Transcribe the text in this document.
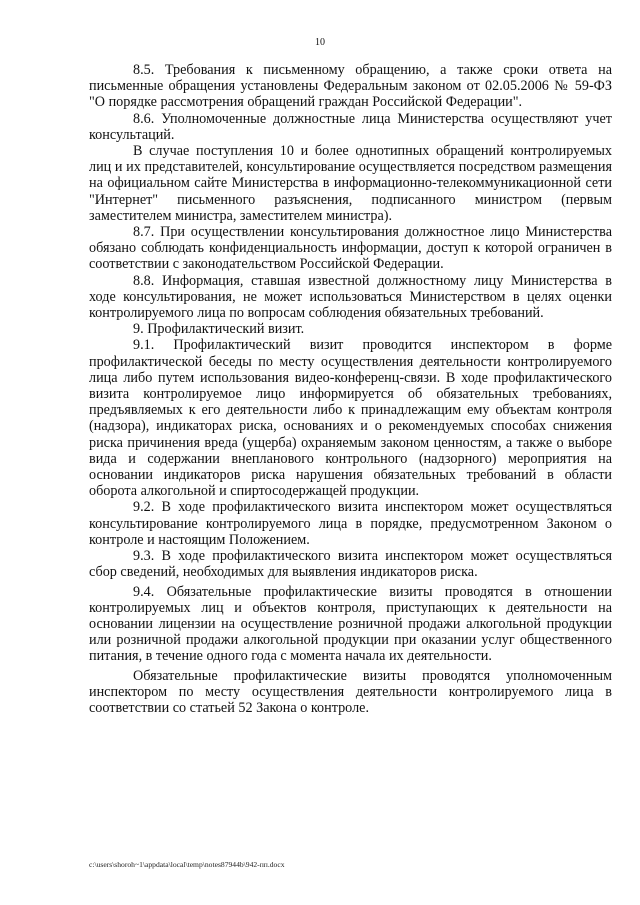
10

8.5. Требования к письменному обращению, а также сроки ответа на письменные обращения установлены Федеральным законом от 02.05.2006 № 59-ФЗ "О порядке рассмотрения обращений граждан Российской Федерации".

8.6. Уполномоченные должностные лица Министерства осуществляют учет консультаций.

В случае поступления 10 и более однотипных обращений контролируемых лиц и их представителей, консультирование осуществляется посредством размещения на официальном сайте Министерства в информационно-телекоммуникационной сети "Интернет" письменного разъяснения, подписанного министром (первым заместителем министра, заместителем министра).

8.7. При осуществлении консультирования должностное лицо Министерства обязано соблюдать конфиденциальность информации, доступ к которой ограничен в соответствии с законодательством Российской Федерации.

8.8. Информация, ставшая известной должностному лицу Министерства в ходе консультирования, не может использоваться Министерством в целях оценки контролируемого лица по вопросам соблюдения обязательных требований.

9. Профилактический визит.

9.1. Профилактический визит проводится инспектором в форме профилактической беседы по месту осуществления деятельности контролируемого лица либо путем использования видео-конференц-связи. В ходе профилактического визита контролируемое лицо информируется об обязательных требованиях, предъявляемых к его деятельности либо к принадлежащим ему объектам контроля (надзора), индикаторах риска, основаниях и о рекомендуемых способах снижения риска причинения вреда (ущерба) охраняемым законом ценностям, а также о выборе вида и содержании внепланового контрольного (надзорного) мероприятия на основании индикаторов риска нарушения обязательных требований в области оборота алкогольной и спиртосодержащей продукции.

9.2. В ходе профилактического визита инспектором может осуществляться консультирование контролируемого лица в порядке, предусмотренном Законом о контроле и настоящим Положением.

9.3. В ходе профилактического визита инспектором может осуществляться сбор сведений, необходимых для выявления индикаторов риска.

9.4. Обязательные профилактические визиты проводятся в отношении контролируемых лиц и объектов контроля, приступающих к деятельности на основании лицензии на осуществление розничной продажи алкогольной продукции или розничной продажи алкогольной продукции при оказании услуг общественного питания, в течение одного года с момента начала их деятельности.

Обязательные профилактические визиты проводятся уполномоченным инспектором по месту осуществления деятельности контролируемого лица в соответствии со статьей 52 Закона о контроле.

c:\users\shoroh~1\appdata\local\temp\notes87944b\942-пп.docx
